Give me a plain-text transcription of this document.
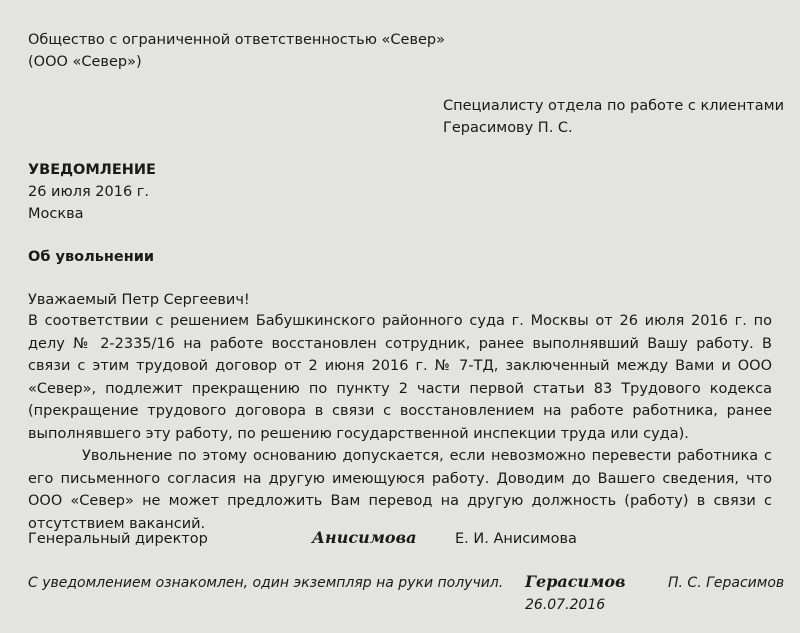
Общество с ограниченной ответственностью «Север»
(ООО «Север»)
Специалисту отдела по работе с клиентами
Герасимову П. С.
УВЕДОМЛЕНИЕ
26 июля 2016 г.
Москва
Об увольнении
Уважаемый Петр Сергеевич!

В соответствии с решением Бабушкинского районного суда г. Москвы от 26 июля 2016 г. по делу № 2-2335/16 на работе восстановлен сотрудник, ранее выполнявший Вашу работу. В связи с этим трудовой договор от 2 июня 2016 г. № 7-ТД, заключенный между Вами и ООО «Север», подлежит прекращению по пункту 2 части первой статьи 83 Трудового кодекса (прекращение трудового договора в связи с восстановлением на работе работника, ранее выполнявшего эту работу, по решению государственной инспекции труда или суда).

Увольнение по этому основанию допускается, если невозможно перевести работника с его письменного согласия на другую имеющуюся работу. Доводим до Вашего сведения, что ООО «Север» не может предложить Вам перевод на другую должность (работу) в связи с отсутствием вакансий.

Генеральный директор	Анисимова	Е. И. Анисимова
С уведомлением ознакомлен, один экземпляр на руки получил. Герасимов	П. С. Герасимов
26.07.2016
